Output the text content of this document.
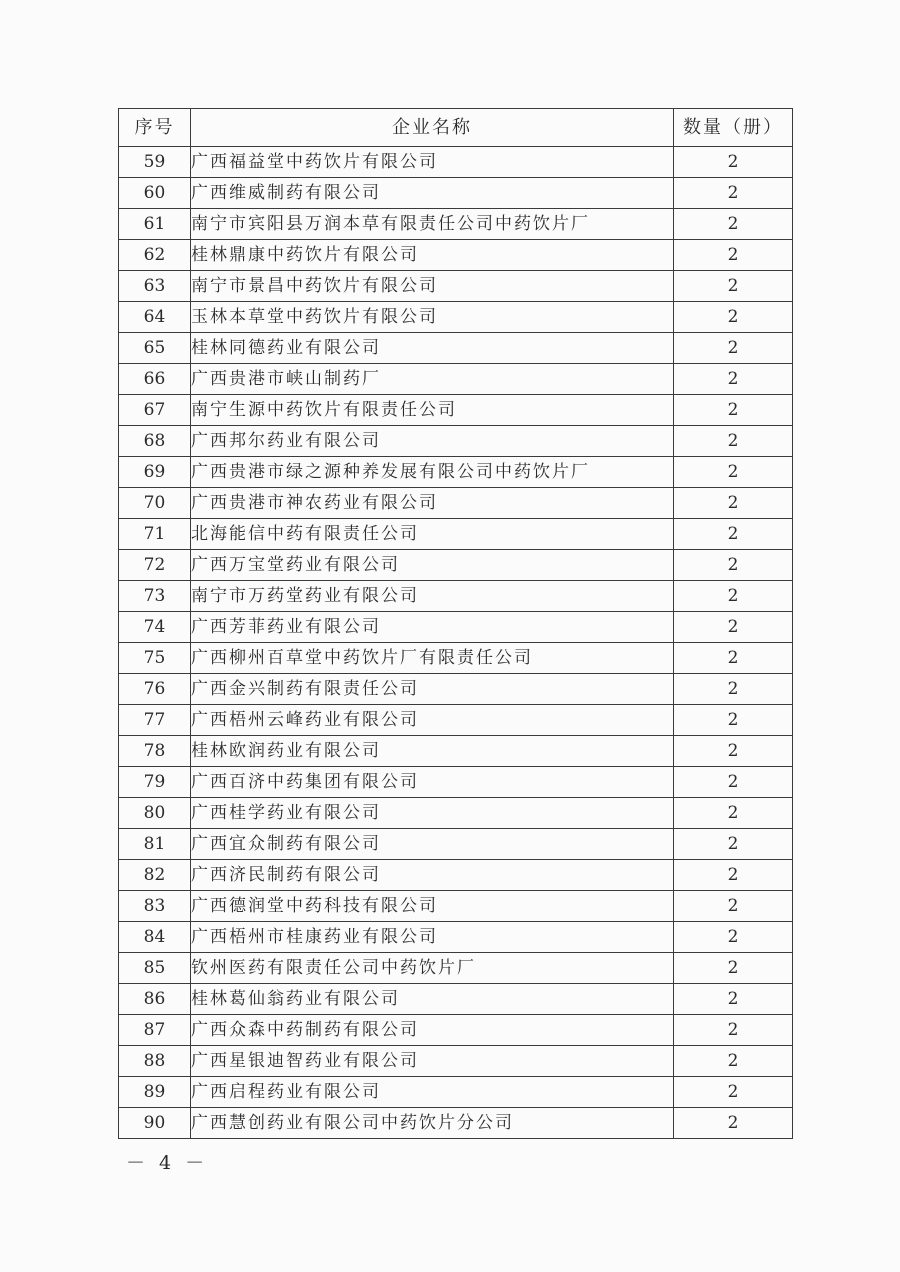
序号	企业名称	数量（册）
59	广西福益堂中药饮片有限公司	2
60	广西维威制药有限公司	2
61	南宁市宾阳县万润本草有限责任公司中药饮片厂	2
62	桂林鼎康中药饮片有限公司	2
63	南宁市景昌中药饮片有限公司	2
64	玉林本草堂中药饮片有限公司	2
65	桂林同德药业有限公司	2
66	广西贵港市峡山制药厂	2
67	南宁生源中药饮片有限责任公司	2
68	广西邦尔药业有限公司	2
69	广西贵港市绿之源种养发展有限公司中药饮片厂	2
70	广西贵港市神农药业有限公司	2
71	北海能信中药有限责任公司	2
72	广西万宝堂药业有限公司	2
73	南宁市万药堂药业有限公司	2
74	广西芳菲药业有限公司	2
75	广西柳州百草堂中药饮片厂有限责任公司	2
76	广西金兴制药有限责任公司	2
77	广西梧州云峰药业有限公司	2
78	桂林欧润药业有限公司	2
79	广西百济中药集团有限公司	2
80	广西桂学药业有限公司	2
81	广西宜众制药有限公司	2
82	广西济民制药有限公司	2
83	广西德润堂中药科技有限公司	2
84	广西梧州市桂康药业有限公司	2
85	钦州医药有限责任公司中药饮片厂	2
86	桂林葛仙翁药业有限公司	2
87	广西众森中药制药有限公司	2
88	广西星银迪智药业有限公司	2
89	广西启程药业有限公司	2
90	广西慧创药业有限公司中药饮片分公司	2
－ 4 －
